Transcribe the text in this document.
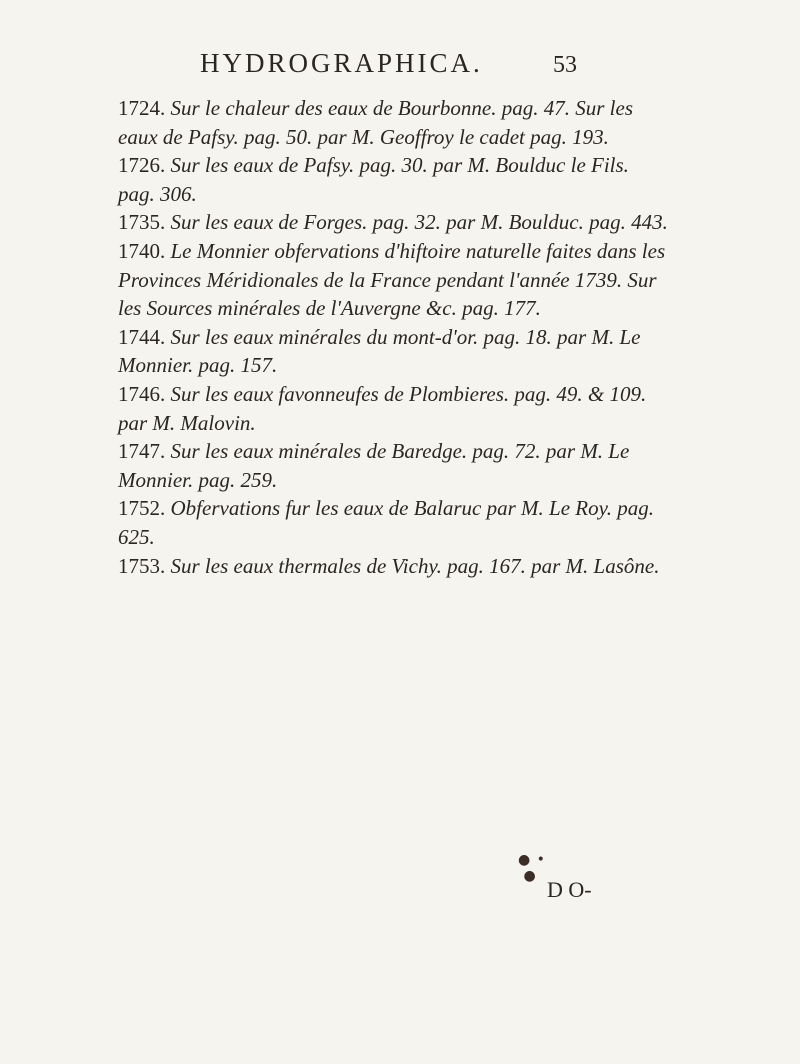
HYDROGRAPHICA.	53

1724. Sur le chaleur des eaux de Bourbonne. pag. 47. Sur les eaux de Pafsy. pag. 50. par M. Geoffroy le cadet pag. 193.

1726. Sur les eaux de Pafsy. pag. 30. par M. Boulduc le Fils. pag. 306.

1735. Sur les eaux de Forges. pag. 32. par M. Boulduc. pag. 443.

1740. Le Monnier obfervations d'hiftoire naturelle faites dans les Provinces Méridionales de la France pendant l'année 1739. Sur les Sources minérales de l'Auvergne &c. pag. 177.

1744. Sur les eaux minérales du mont-d'or. pag. 18. par M. Le Monnier. pag. 157.

1746. Sur les eaux favonneufes de Plombieres. pag. 49. & 109. par M. Malovin.

1747. Sur les eaux minérales de Baredge. pag. 72. par M. Le Monnier. pag. 259.

1752. Obfervations fur les eaux de Balaruc par M. Le Roy. pag. 625.

1753. Sur les eaux thermales de Vichy. pag. 167. par M. Lasône.

● •
●
D O-
